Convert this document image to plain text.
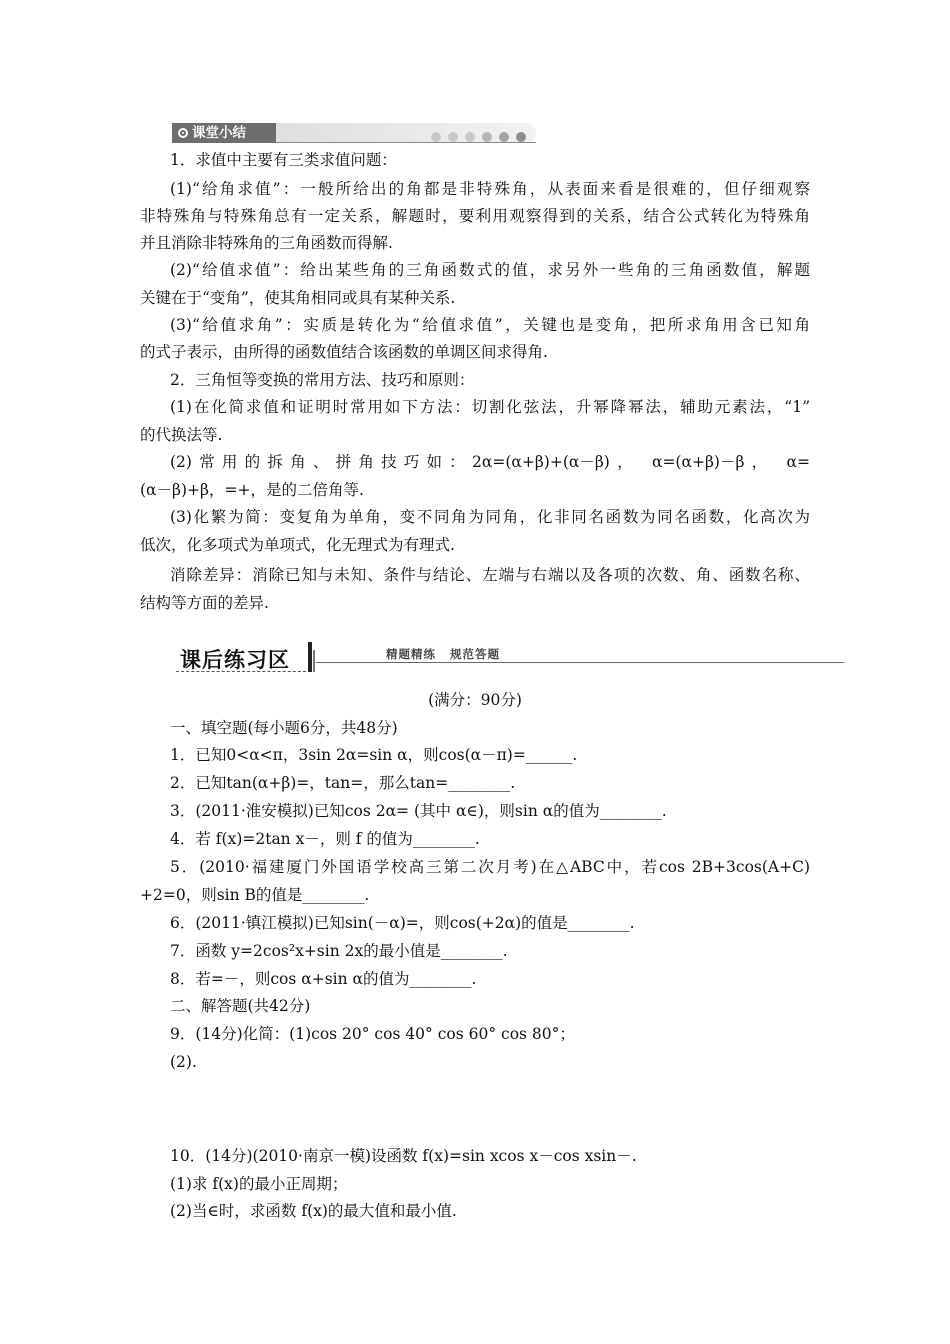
课堂小结
1．求值中主要有三类求值问题：
(1)“给角求值”：一般所给出的角都是非特殊角，从表面来看是很难的，但仔细观察
非特殊角与特殊角总有一定关系，解题时，要利用观察得到的关系，结合公式转化为特殊角
并且消除非特殊角的三角函数而得解.
(2)“给值求值”：给出某些角的三角函数式的值，求另外一些角的三角函数值，解题
关键在于“变角”，使其角相同或具有某种关系.
(3)“给值求角”：实质是转化为“给值求值”，关键也是变角，把所求角用含已知角
的式子表示，由所得的函数值结合该函数的单调区间求得角.
2．三角恒等变换的常用方法、技巧和原则：
(1)在化简求值和证明时常用如下方法：切割化弦法，升幂降幂法，辅助元素法，“1”
的代换法等.
(2)常用的拆角、拼角技巧如：2α=(α+β)+(α－β)， α=(α+β)－β， α=
(α－β)+β，=+，是的二倍角等.
(3)化繁为简：变复角为单角，变不同角为同角，化非同名函数为同名函数，化高次为
低次，化多项式为单项式，化无理式为有理式.
消除差异：消除已知与未知、条件与结论、左端与右端以及各项的次数、角、函数名称、
结构等方面的差异.
课后练习区	精题精练 规范答题
(满分：90分)
一、填空题(每小题6分，共48分)
1．已知0<α<π，3sin 2α=sin α，则cos(α－π)=______.
2．已知tan(α+β)=，tan=，那么tan=________.
3．(2011·淮安模拟)已知cos 2α= (其中 α∈)，则sin α的值为________.
4．若 f(x)=2tan x－，则 f 的值为________.
5．(2010·福建厦门外国语学校高三第二次月考)在△ABC中，若cos 2B+3cos(A+C)
+2=0，则sin B的值是________.
6．(2011·镇江模拟)已知sin(－α)=，则cos(+2α)的值是________.
7．函数 y=2cos²x+sin 2x的最小值是________.
8．若=－，则cos α+sin α的值为________.
二、解答题(共42分)
9．(14分)化简：(1)cos 20° cos 40° cos 60° cos 80°；
(2).
10．(14分)(2010·南京一模)设函数 f(x)=sin xcos x－cos xsin－.
(1)求 f(x)的最小正周期；
(2)当∈时，求函数 f(x)的最大值和最小值.
